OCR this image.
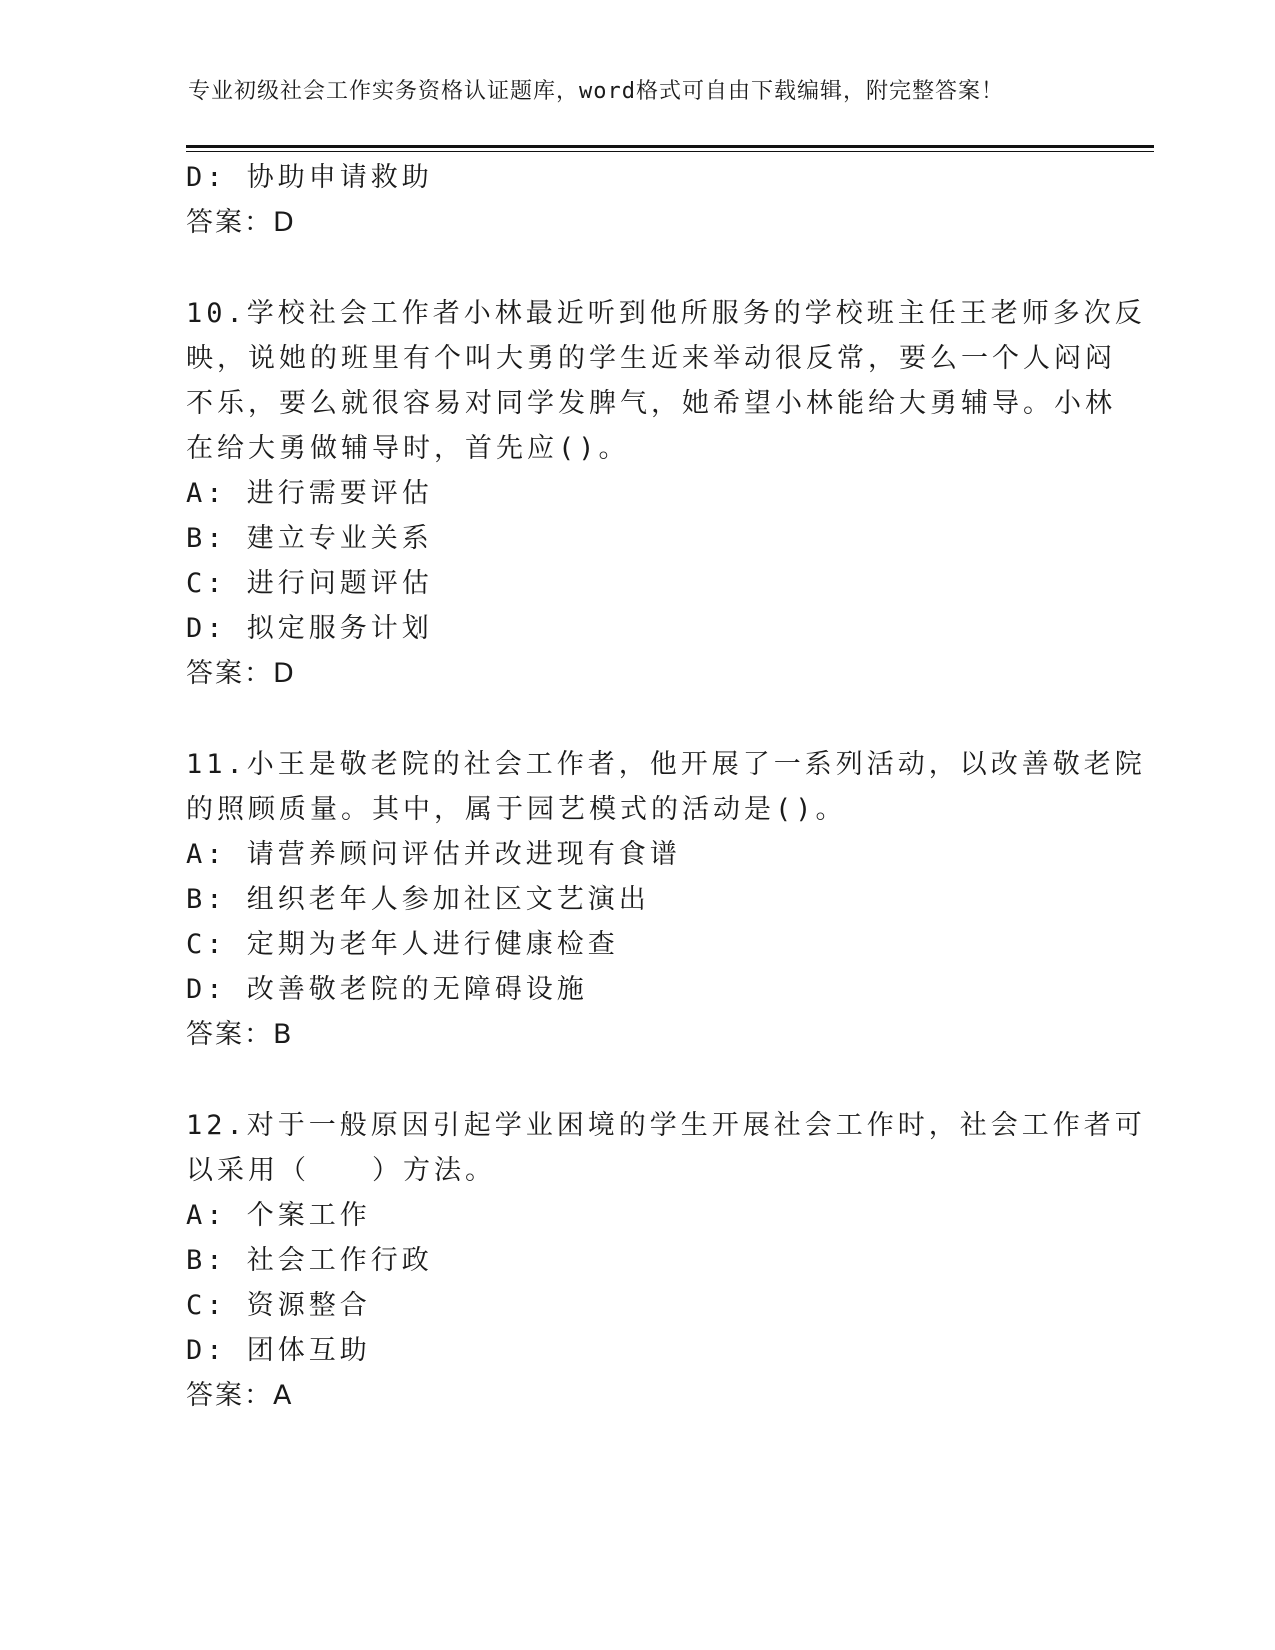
专业初级社会工作实务资格认证题库，word格式可自由下载编辑，附完整答案！
D: 协助申请救助
答案：D
10.学校社会工作者小林最近听到他所服务的学校班主任王老师多次反
映，说她的班里有个叫大勇的学生近来举动很反常，要么一个人闷闷
不乐，要么就很容易对同学发脾气，她希望小林能给大勇辅导。小林
在给大勇做辅导时，首先应()。
A: 进行需要评估
B: 建立专业关系
C: 进行问题评估
D: 拟定服务计划
答案：D
11.小王是敬老院的社会工作者，他开展了一系列活动，以改善敬老院
的照顾质量。其中，属于园艺模式的活动是()。
A: 请营养顾问评估并改进现有食谱
B: 组织老年人参加社区文艺演出
C: 定期为老年人进行健康检查
D: 改善敬老院的无障碍设施
答案：B
12.对于一般原因引起学业困境的学生开展社会工作时，社会工作者可
以采用（　　）方法。
A: 个案工作
B: 社会工作行政
C: 资源整合
D: 团体互助
答案：A
